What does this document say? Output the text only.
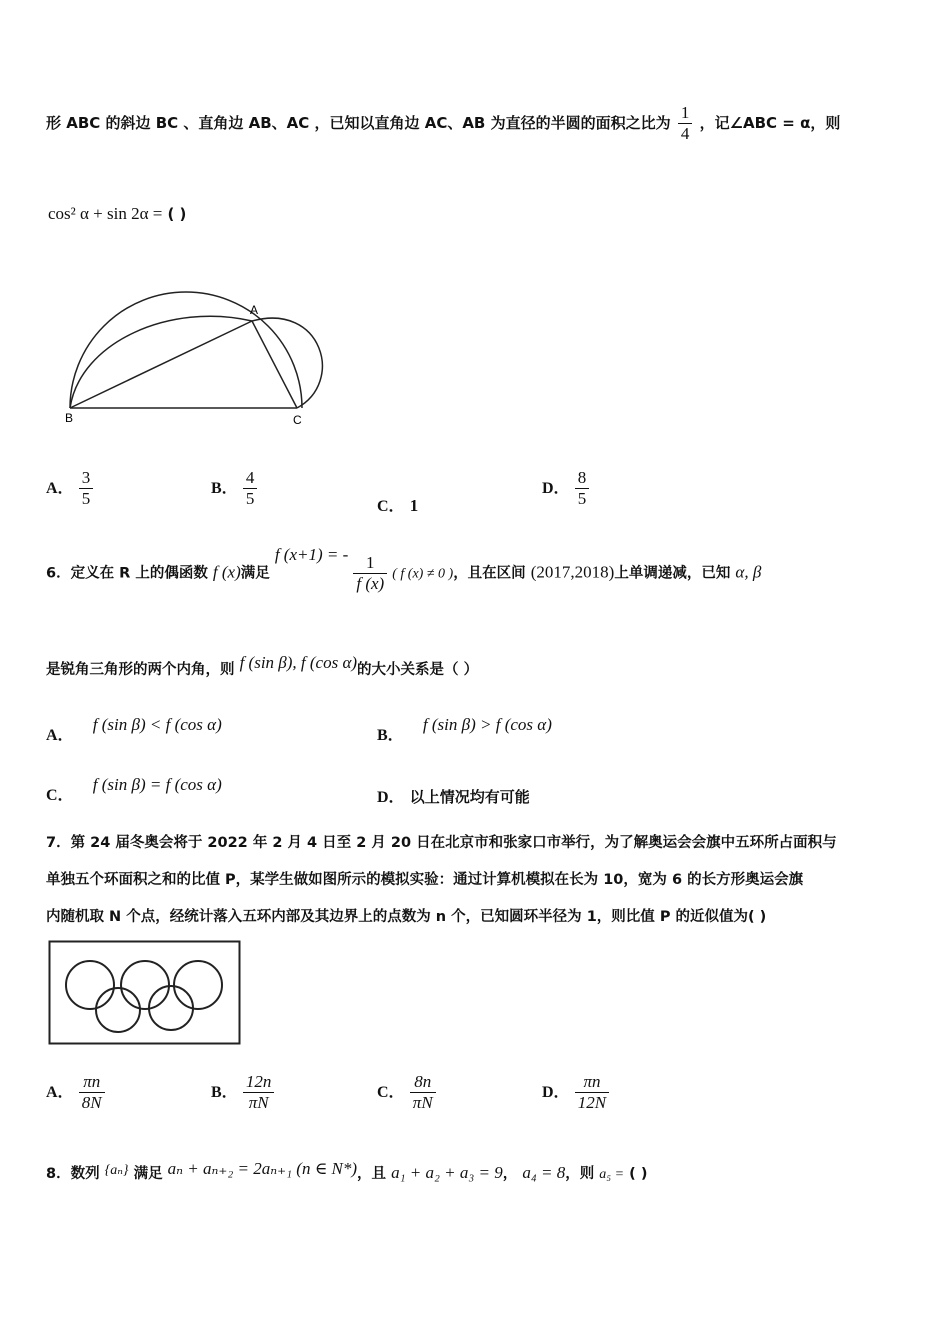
形 ABC 的斜边 BC 、直角边 AB、AC ，已知以直角边 AC、AB 为直径的半圆的面积之比为 $\frac{1}{4}$ ，记∠ABC = α，则
cos² α + sin 2α = ( )
A
B	C
A． $\frac{3}{5}$	B． $\frac{4}{5}$	C． 1
D． $\frac{8}{5}$
6．定义在 R 上的偶函数 f (x)满足 f (x+1) = - $\frac{1}{f (x)}$ ( f (x) ≠ 0 )，且在区间 (2017,2018)上单调递减，已知 α, β
是锐角三角形的两个内角，则 f (sin β), f (cos α)的大小关系是（ ）
A． f (sin β) < f (cos α)
B． f (sin β) > f (cos α)
C． f (sin β) = f (cos α)
D． 以上情况均有可能
7．第 24 届冬奥会将于 2022 年 2 月 4 日至 2 月 20 日在北京市和张家口市举行，为了解奥运会会旗中五环所占面积与
单独五个环面积之和的比值 P，某学生做如图所示的模拟实验：通过计算机模拟在长为 10，宽为 6 的长方形奥运会旗
内随机取 N 个点，经统计落入五环内部及其边界上的点数为 n 个，已知圆环半径为 1，则比值 P 的近似值为( )
A． $\frac{\pi n}{8N}$	B． $\frac{12n}{\pi N}$	C． $\frac{8n}{\pi N}$	D． $\frac{\pi n}{12N}$
8．数列 {aₙ} 满足 aₙ + aₙ₊₂ = 2aₙ₊₁ (n ∈ N*)，且 a₁ + a₂ + a₃ = 9， a₄ = 8，则 a₅ = ( )
